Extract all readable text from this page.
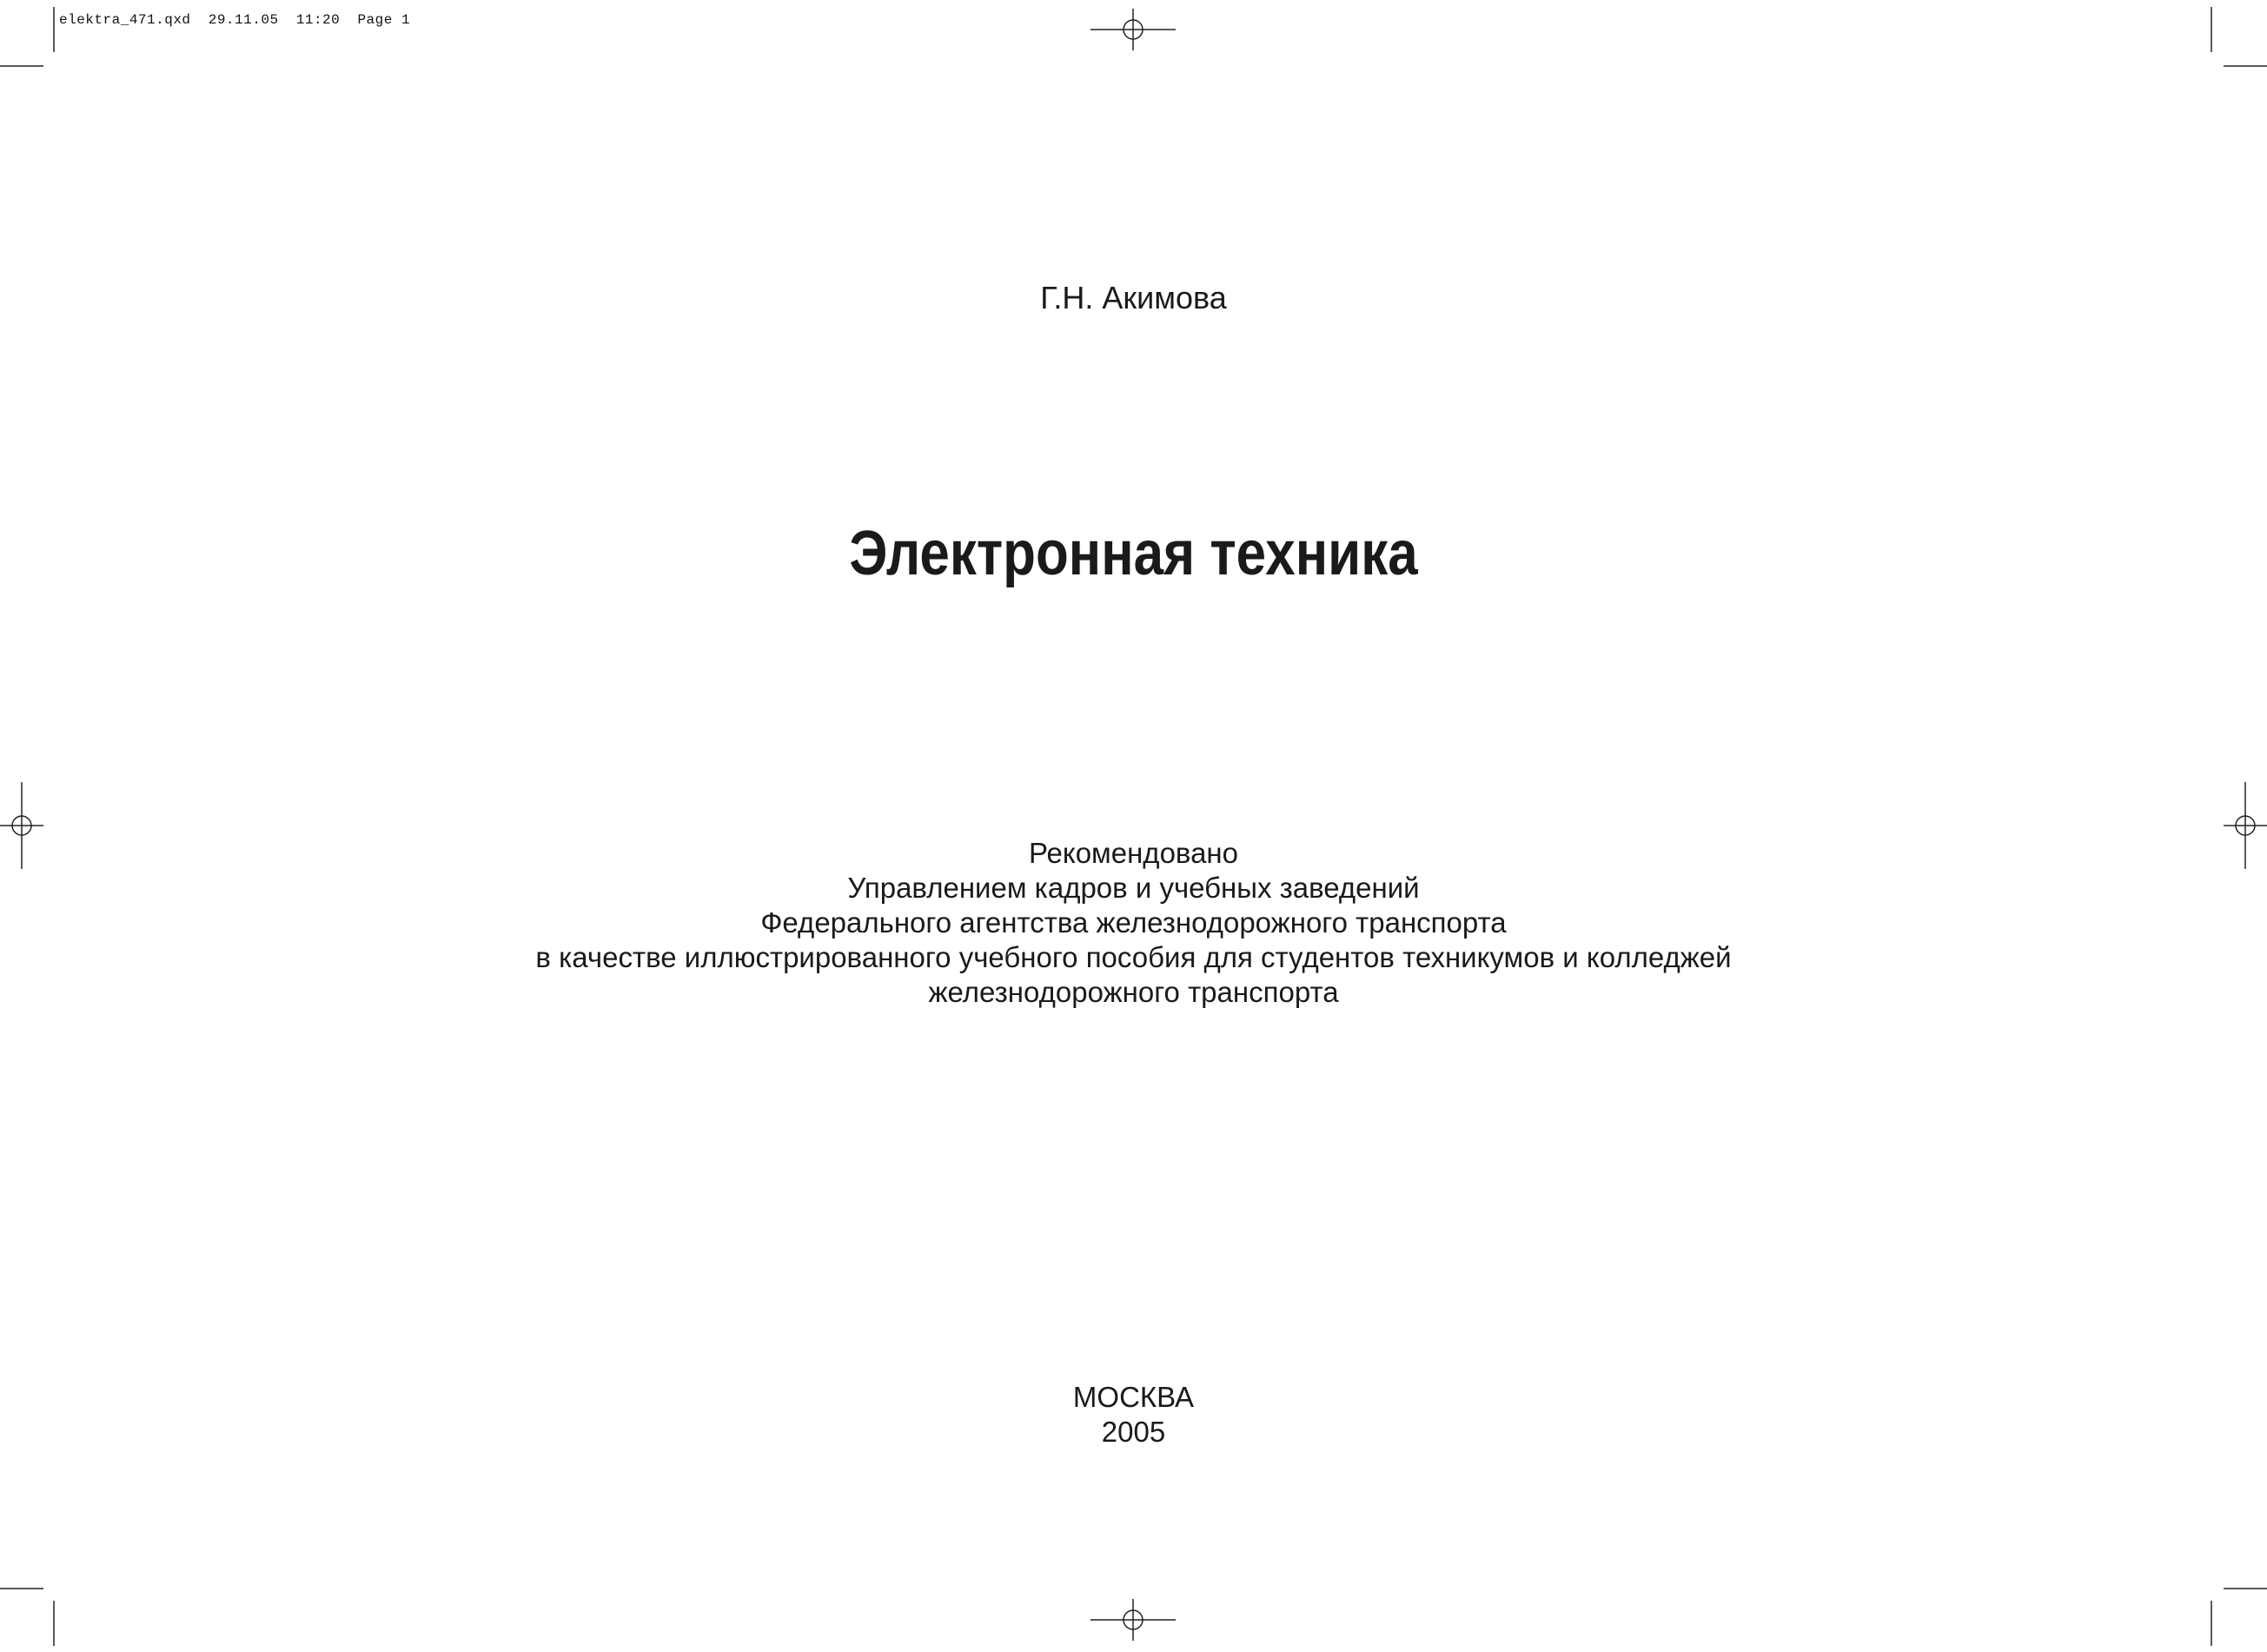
elektra_471.qxd  29.11.05  11:20  Page 1
Г.Н. Акимова
Электронная техника
Рекомендовано
Управлением кадров и учебных заведений
Федерального агентства железнодорожного транспорта
в качестве иллюстрированного учебного пособия для студентов техникумов и колледжей
железнодорожного транспорта
МОСКВА
2005
